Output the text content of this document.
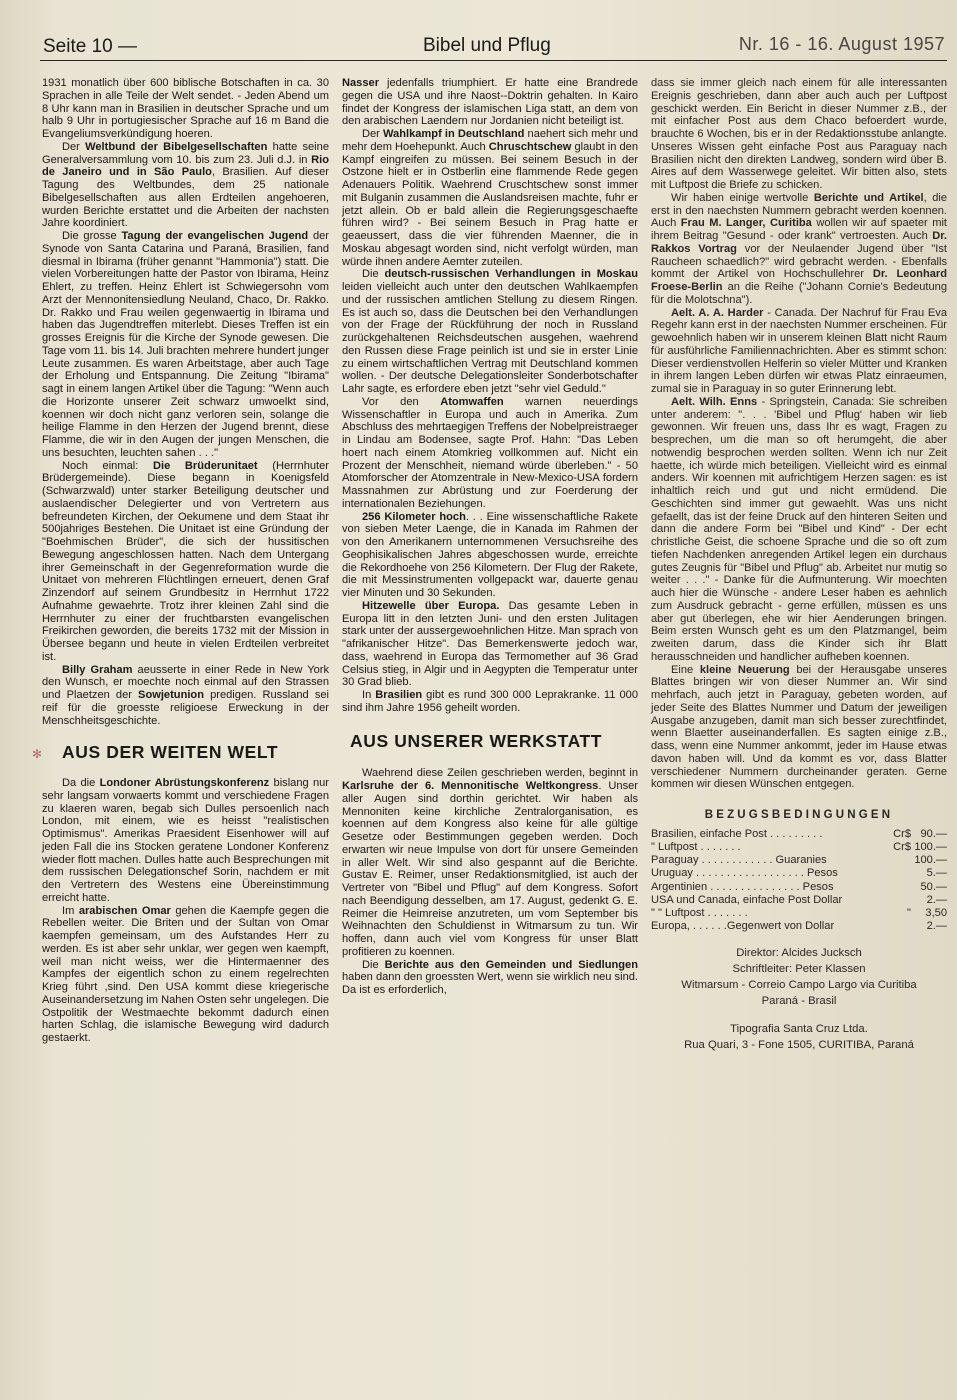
Seite 10 —	Bibel und Pflug	Nr. 16 - 16. August 1957

1931 monatlich über 600 biblische Botschaften in ca. 30 Sprachen in alle Teile der Welt sendet. - Jeden Abend um 8 Uhr kann man in Brasilien in deutscher Sprache und um halb 9 Uhr in portugiesischer Sprache auf 16 m Band die Evangeliumsverkündigung hoeren.

Der Weltbund der Bibelgesellschaften hatte seine Generalversammlung vom 10. bis zum 23. Juli d.J. in Rio de Janeiro und in São Paulo, Brasilien. Auf dieser Tagung des Weltbundes, dem 25 nationale Bibelgesellschaften aus allen Erdteilen angehoeren, wurden Berichte erstattet und die Arbeiten der nachsten Jahre koordiniert.

Die grosse Tagung der evangelischen Jugend der Synode von Santa Catarina und Paraná, Brasilien, fand diesmal in Ibirama (früher genannt "Hammonia") statt. Die vielen Vorbereitungen hatte der Pastor von Ibirama, Heinz Ehlert, zu treffen. Heinz Ehlert ist Schwiegersohn vom Arzt der Mennonitensiedlung Neuland, Chaco, Dr. Rakko. Dr. Rakko und Frau weilen gegenwaertig in Ibirama und haben das Jugendtreffen miterlebt. Dieses Treffen ist ein grosses Ereignis für die Kirche der Synode gewesen. Die Tage vom 11. bis 14. Juli brachten mehrere hundert junger Leute zusammen. Es waren Arbeitstage, aber auch Tage der Erholung und Entspannung. Die Zeitung "Ibirama" sagt in einem langen Artikel über die Tagung: "Wenn auch die Horizonte unserer Zeit schwarz umwoelkt sind, koennen wir doch nicht ganz verloren sein, solange die heilige Flamme in den Herzen der Jugend brennt, diese Flamme, die wir in den Augen der jungen Menschen, die uns besuchten, leuchten sahen . . ."

Noch einmal: Die Brüderunitaet (Herrnhuter Brüdergemeinde). Diese begann in Koenigsfeld (Schwarzwald) unter starker Beteiligung deutscher und auslaendischer Delegierter und von Vertretern aus befreundeten Kirchen, der Oekumene und dem Staat ihr 500jahriges Bestehen. Die Unitaet ist eine Gründung der "Boehmischen Brüder", die sich der hussitischen Bewegung angeschlossen hatten. Nach dem Untergang ihrer Gemeinschaft in der Gegenreformation wurde die Unitaet von mehreren Flüchtlingen erneuert, denen Graf Zinzendorf auf seinem Grundbesitz in Herrnhut 1722 Aufnahme gewaehrte. Trotz ihrer kleinen Zahl sind die Herrnhuter zu einer der fruchtbarsten evangelischen Freikirchen geworden, die bereits 1732 mit der Mission in Übersee begann und heute in vielen Erdteilen verbreitet ist.

Billy Graham aeusserte in einer Rede in New York den Wunsch, er moechte noch einmal auf den Strassen und Plaetzen der Sowjetunion predigen. Russland sei reif für die groesste religioese Erweckung in der Menschheitsgeschichte.

✻ AUS DER WEITEN WELT

Da die Londoner Abrüstungskonferenz bislang nur sehr langsam vorwaerts kommt und verschiedene Fragen zu klaeren waren, begab sich Dulles persoenlich nach London, mit einem, wie es heisst "realistischen Optimismus". Amerikas Praesident Eisenhower will auf jeden Fall die ins Stocken geratene Londoner Konferenz wieder flott machen. Dulles hatte auch Besprechungen mit dem russischen Delegationschef Sorin, nachdem er mit den Vertretern des Westens eine Übereinstimmung erreicht hatte.

Im arabischen Omar gehen die Kaempfe gegen die Rebellen weiter. Die Briten und der Sultan von Omar kaempfen gemeinsam, um des Aufstandes Herr zu werden. Es ist aber sehr unklar, wer gegen wen kaempft, weil man nicht weiss, wer die Hintermaenner des Kampfes der eigentlich schon zu einem regelrechten Krieg führt ,sind. Den USA kommt diese kriegerische Auseinandersetzung im Nahen Osten sehr ungelegen. Die Ostpolitik der Westmaechte bekommt dadurch einen harten Schlag, die islamische Bewegung wird dadurch gestaerkt.

Nasser jedenfalls triumphiert. Er hatte eine Brandrede gegen die USA und ihre Naost--Doktrin gehalten. In Kairo findet der Kongress der islamischen Liga statt, an dem von den arabischen Laendern nur Jordanien nicht beteiligt ist.

Der Wahlkampf in Deutschland naehert sich mehr und mehr dem Hoehepunkt. Auch Chruschtschew glaubt in den Kampf eingreifen zu müssen. Bei seinem Besuch in der Ostzone hielt er in Ostberlin eine flammende Rede gegen Adenauers Politik. Waehrend Cruschtschew sonst immer mit Bulganin zusammen die Auslandsreisen machte, fuhr er jetzt allein. Ob er bald allein die Regierungsgeschaefte führen wird? - Bei seinem Besuch in Prag hatte er geaeussert, dass die vier führenden Maenner, die in Moskau abgesagt worden sind, nicht verfolgt würden, man würde ihnen andere Aemter zuteilen.

Die deutsch-russischen Verhandlungen in Moskau leiden vielleicht auch unter den deutschen Wahlkaempfen und der russischen amtlichen Stellung zu diesem Ringen. Es ist auch so, dass die Deutschen bei den Verhandlungen von der Frage der Rückführung der noch in Russland zurückgehaltenen Reichsdeutschen ausgehen, waehrend den Russen diese Frage peinlich ist und sie in erster Linie zu einem wirtschaftlichen Vertrag mit Deutschland kommen wollen. - Der deutsche Delegationsleiter Sonderbotschafter Lahr sagte, es erfordere eben jetzt "sehr viel Geduld."

Vor den Atomwaffen warnen neuerdings Wissenschaftler in Europa und auch in Amerika. Zum Abschluss des mehrtaegigen Treffens der Nobelpreistraeger in Lindau am Bodensee, sagte Prof. Hahn: "Das Leben hoert nach einem Atomkrieg vollkommen auf. Nicht ein Prozent der Menschheit, niemand würde überleben." - 50 Atomforscher der Atomzentrale in New-Mexico-USA fordern Massnahmen zur Abrüstung und zur Foerderung der internationalen Beziehungen.

256 Kilometer hoch. . . Eine wissenschaftliche Rakete von sieben Meter Laenge, die in Kanada im Rahmen der von den Amerikanern unternommenen Versuchsreihe des Geophisikalischen Jahres abgeschossen wurde, erreichte die Rekordhoehe von 256 Kilometern. Der Flug der Rakete, die mit Messinstrumenten vollgepackt war, dauerte genau vier Minuten und 30 Sekunden.

Hitzewelle über Europa. Das gesamte Leben in Europa litt in den letzten Juni- und den ersten Julitagen stark unter der aussergewoehnlichen Hitze. Man sprach von "afrikanischer Hitze". Das Bemerkenswerte jedoch war, dass, waehrend in Europa das Termomether auf 36 Grad Celsius stieg, in Algir und in Aegypten die Temperatur unter 30 Grad blieb.

In Brasilien gibt es rund 300 000 Leprakranke. 11 000 sind ihm Jahre 1956 geheilt worden.

AUS UNSERER WERKSTATT

Waehrend diese Zeilen geschrieben werden, beginnt in Karlsruhe der 6. Mennonitische Weltkongress. Unser aller Augen sind dorthin gerichtet. Wir haben als Mennoniten keine kirchliche Zentralorganisation, es koennen auf dem Kongress also keine für alle gültige Gesetze oder Bestimmungen gegeben werden. Doch erwarten wir neue Impulse von dort für unsere Gemeinden in aller Welt. Wir sind also gespannt auf die Berichte. Gustav E. Reimer, unser Redaktionsmitglied, ist auch der Vertreter von "Bibel und Pflug" auf dem Kongress. Sofort nach Beendigung desselben, am 17. August, gedenkt G. E. Reimer die Heimreise anzutreten, um vom September bis Weihnachten den Schuldienst in Witmarsum zu tun. Wir hoffen, dann auch viel vom Kongress für unser Blatt profitieren zu koennen.

Die Berichte aus den Gemeinden und Siedlungen haben dann den groessten Wert, wenn sie wirklich neu sind. Da ist es erforderlich,

dass sie immer gleich nach einem für alle interessanten Ereignis geschrieben, dann aber auch auch per Luftpost geschickt werden. Ein Bericht in dieser Nummer z.B., der mit einfacher Post aus dem Chaco befoerdert wurde, brauchte 6 Wochen, bis er in der Redaktionsstube anlangte. Unseres Wissen geht einfache Post aus Paraguay nach Brasilien nicht den direkten Landweg, sondern wird über B. Aires auf dem Wasserwege geleitet. Wir bitten also, stets mit Luftpost die Briefe zu schicken.

Wir haben einige wertvolle Berichte und Artikel, die erst in den naechsten Nummern gebracht werden koennen. Auch Frau M. Langer, Curitiba wollen wir auf spaeter mit ihrem Beitrag "Gesund - oder krank" vertroesten. Auch Dr. Rakkos Vortrag vor der Neulaender Jugend über "Ist Raucheen schaedlich?" wird gebracht werden. - Ebenfalls kommt der Artikel von Hochschullehrer Dr. Leonhard Froese-Berlin an die Reihe ("Johann Cornie's Bedeutung für die Molotschna").

Aelt. A. A. Harder - Canada. Der Nachruf für Frau Eva Regehr kann erst in der naechsten Nummer erscheinen. Für gewoehnlich haben wir in unserem kleinen Blatt nicht Raum für ausführliche Familiennachrichten. Aber es stimmt schon: Dieser verdienstvollen Helferin so vieler Mütter und Kranken in ihrem langen Leben dürfen wir etwas Platz einraeumen, zumal sie in Paraguay in so guter Erinnerung lebt.

Aelt. Wilh. Enns - Springstein, Canada: Sie schreiben unter anderem: ". . . 'Bibel und Pflug' haben wir lieb gewonnen. Wir freuen uns, dass Ihr es wagt, Fragen zu besprechen, um die man so oft herumgeht, die aber notwendig besprochen werden sollten. Wenn ich nur Zeit haette, ich würde mich beteiligen. Vielleicht wird es einmal anders. Wir koennen mit aufrichtigem Herzen sagen: es ist inhaltlich reich und gut und nicht ermüdend. Die Geschichten sind immer gut gewaehlt. Was uns nicht gefaellt, das ist der feine Druck auf den hinteren Seiten und dann die andere Form bei "Bibel und Kind" - Der echt christliche Geist, die schoene Sprache und die so oft zum tiefen Nachdenken anregenden Artikel legen ein durchaus gutes Zeugnis für "Bibel und Pflug" ab. Arbeitet nur mutig so weiter . . ." - Danke für die Aufmunterung. Wir moechten auch hier die Wünsche - andere Leser haben es aehnlich zum Ausdruck gebracht - gerne erfüllen, müssen es uns aber gut überlegen, ehe wir hier Aenderungen bringen. Beim ersten Wunsch geht es um den Platzmangel, beim zweiten darum, dass die Kinder sich ihr Blatt herausschneiden und handlicher aufheben koennen.

Eine kleine Neuerung bei der Herausgabe unseres Blattes bringen wir von dieser Nummer an. Wir sind mehrfach, auch jetzt in Paraguay, gebeten worden, auf jeder Seite des Blattes Nummer und Datum der jeweiligen Ausgabe anzugeben, damit man sich besser zurechtfindet, wenn Blaetter auseinanderfallen. Es sagten einige z.B., dass, wenn eine Nummer ankommt, jeder im Hause etwas davon haben will. Und da kommt es vor, dass Blatter verschiedener Nummern durcheinander geraten. Gerne kommen wir diesen Wünschen entgegen.

BEZUGSBEDINGUNGEN
Brasilien, einfache Post . . . . . . . . .	Cr$	90.—
" Luftpost . . . . . . .	Cr$	100.—
Paraguay . . . . . . . . . . . . Guaranies		100.—
Uruguay . . . . . . . . . . . . . . . . . . Pesos		5.—
Argentinien . . . . . . . . . . . . . . . Pesos		50.—
USA und Canada, einfache Post Dollar		2.—
" " Luftpost . . . . . . .	"	3,50
Europa, . . . . . .Gegenwert von Dollar		2.—
Direktor: Alcides Jucksch
Schriftleiter: Peter Klassen
Witmarsum - Correio Campo Largo via Curitiba
Paraná - Brasil
Tipografia Santa Cruz Ltda.
Rua Quari, 3 - Fone 1505, CURITIBA, Paraná
